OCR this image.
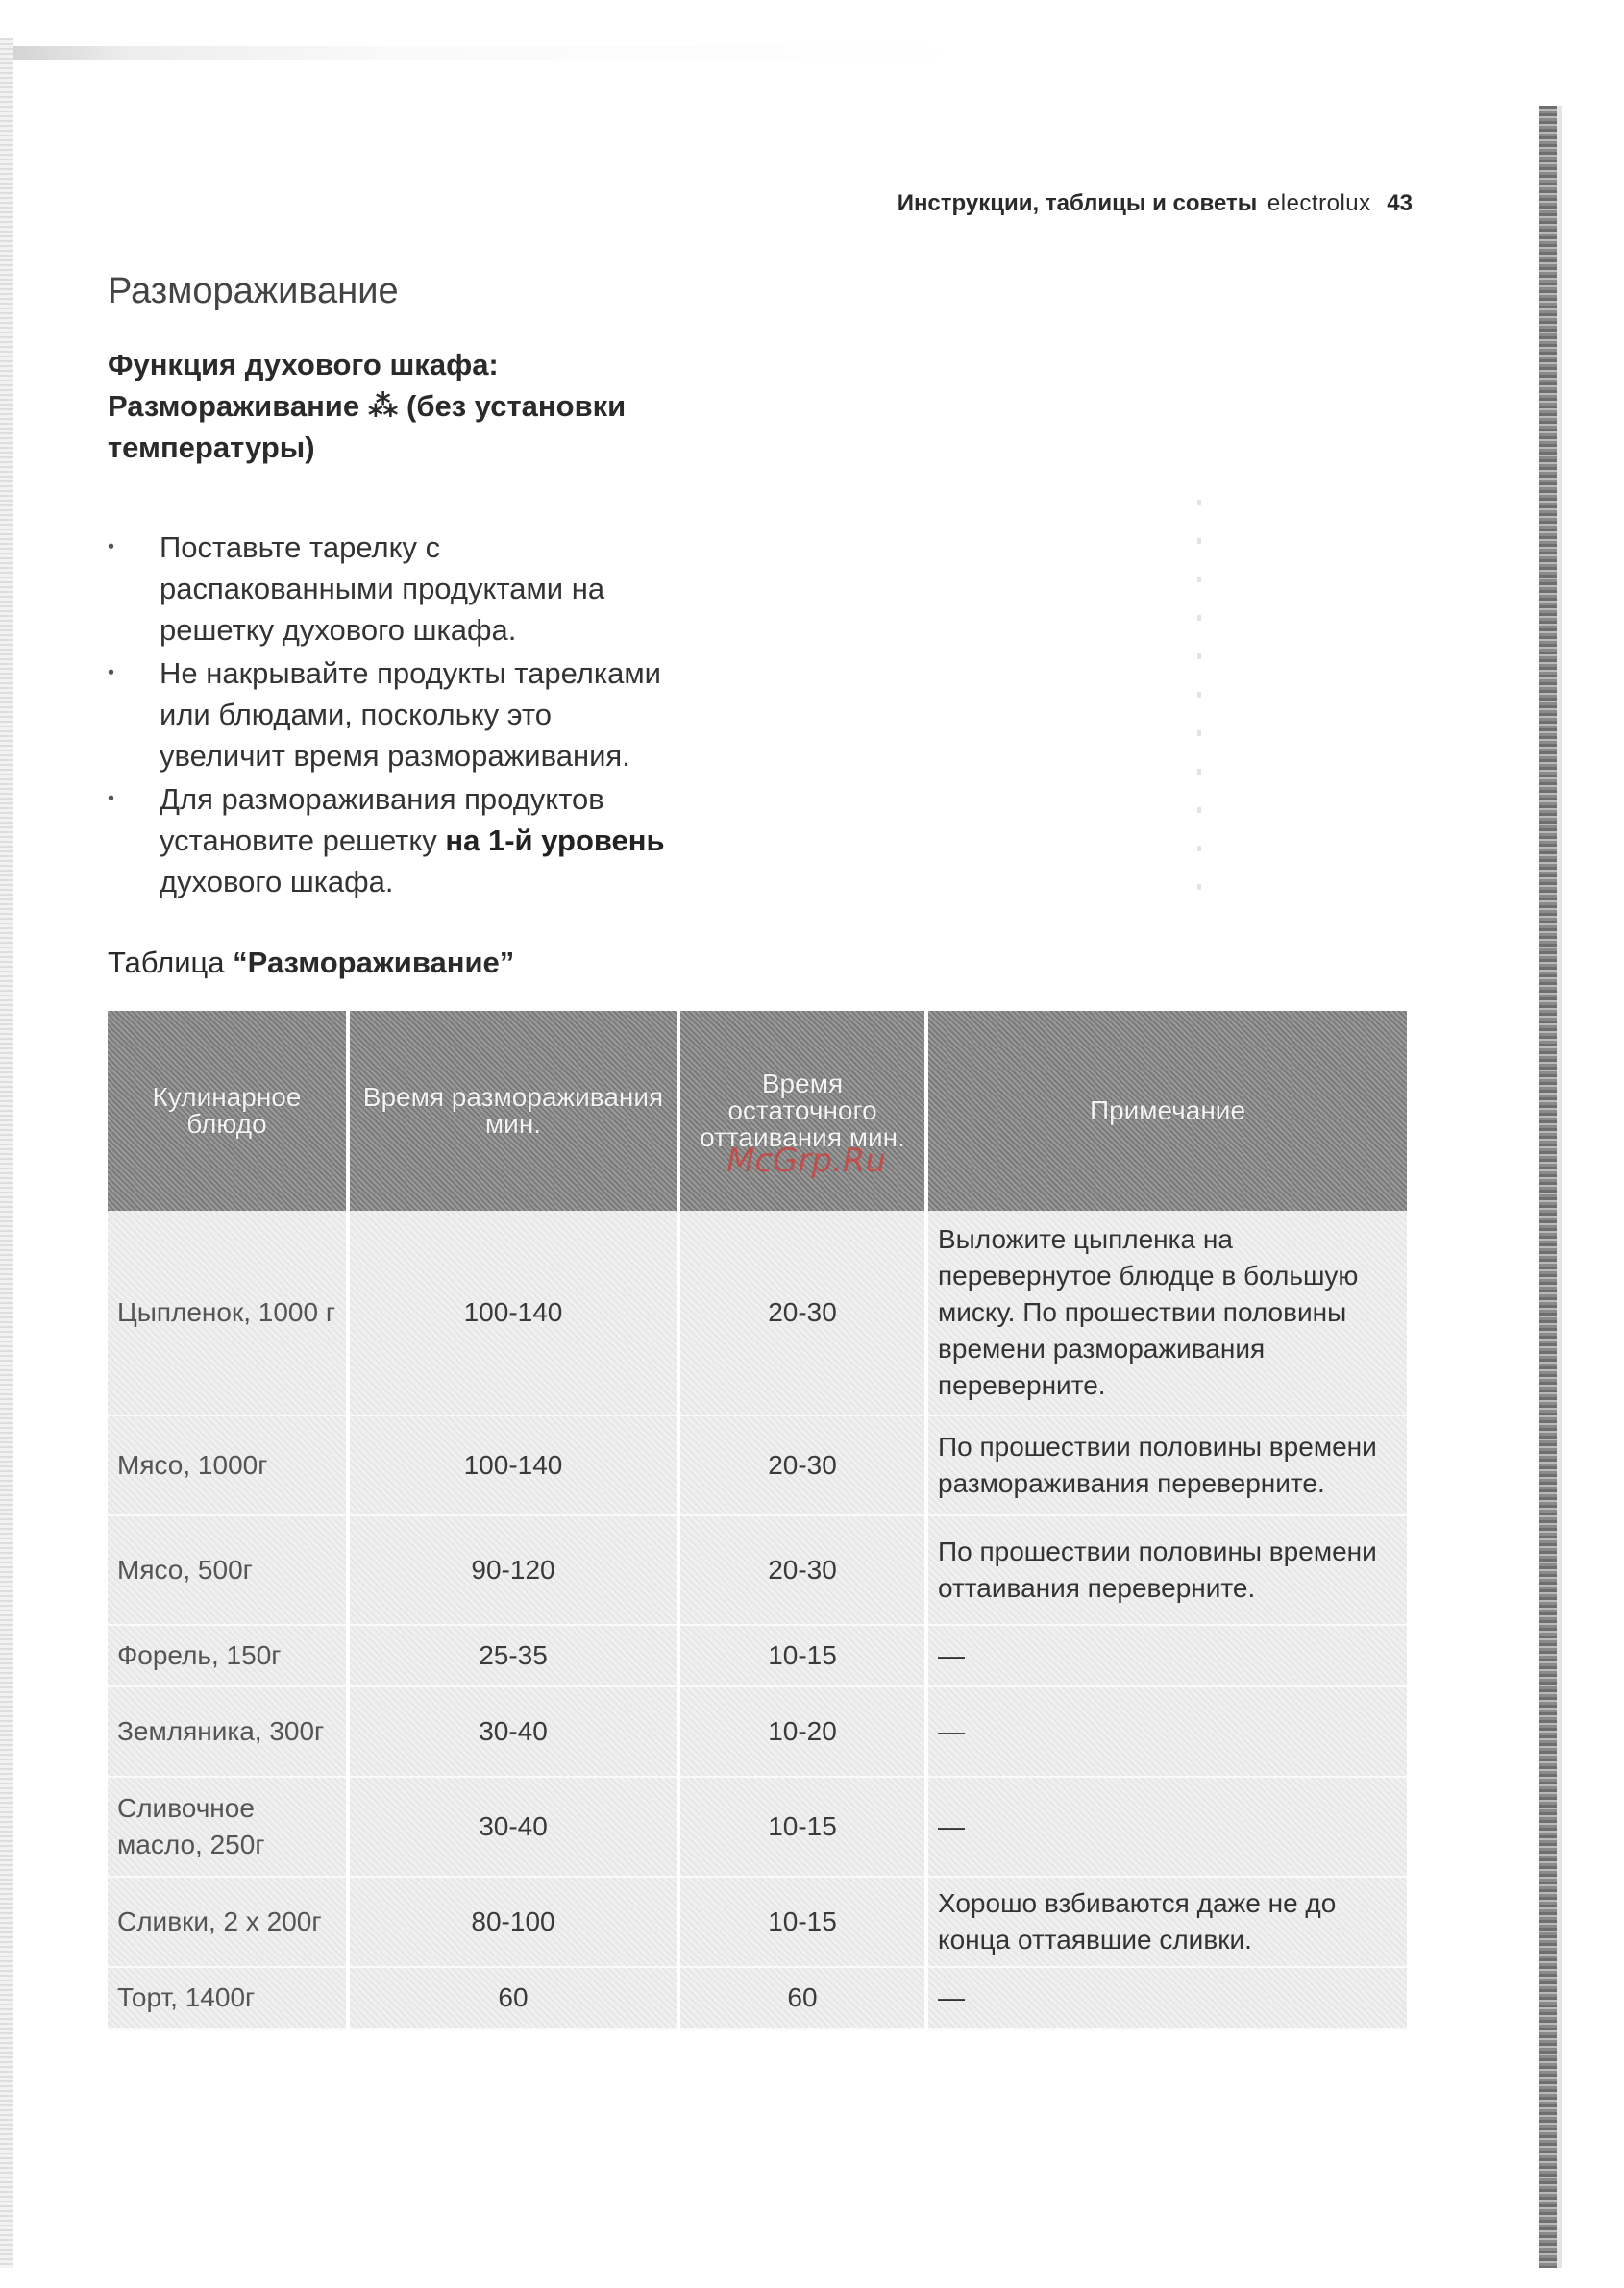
Инструкции, таблицы и советы electrolux 43
Размораживание
Функция духового шкафа:
Размораживание ⁂ (без установки
температуры)
• Поставьте тарелку с
распакованными продуктами на
решетку духового шкафа.
• Не накрывайте продукты тарелками
или блюдами, поскольку это
увеличит время размораживания.
• Для размораживания продуктов
установите решетку на 1-й уровень
духового шкафа.
Таблица “Размораживание”
Кулинарное блюдо	Время размораживания мин.	Время остаточного оттаивания мин.	Примечание
Цыпленок, 1000 г	100-140	20-30	Выложите цыпленка на перевернутое блюдце в большую миску. По прошествии половины времени размораживания переверните.
Мясо, 1000г	100-140	20-30	По прошествии половины времени размораживания переверните.
Мясо, 500г	90-120	20-30	По прошествии половины времени оттаивания переверните.
Форель, 150г	25-35	10-15	—
Земляника, 300г	30-40	10-20	—
Сливочное масло, 250г	30-40	10-15	—
Сливки, 2 х 200г	80-100	10-15	Хорошо взбиваются даже не до конца оттаявшие сливки.
Торт, 1400г	60	60	—
McGrp.Ru
